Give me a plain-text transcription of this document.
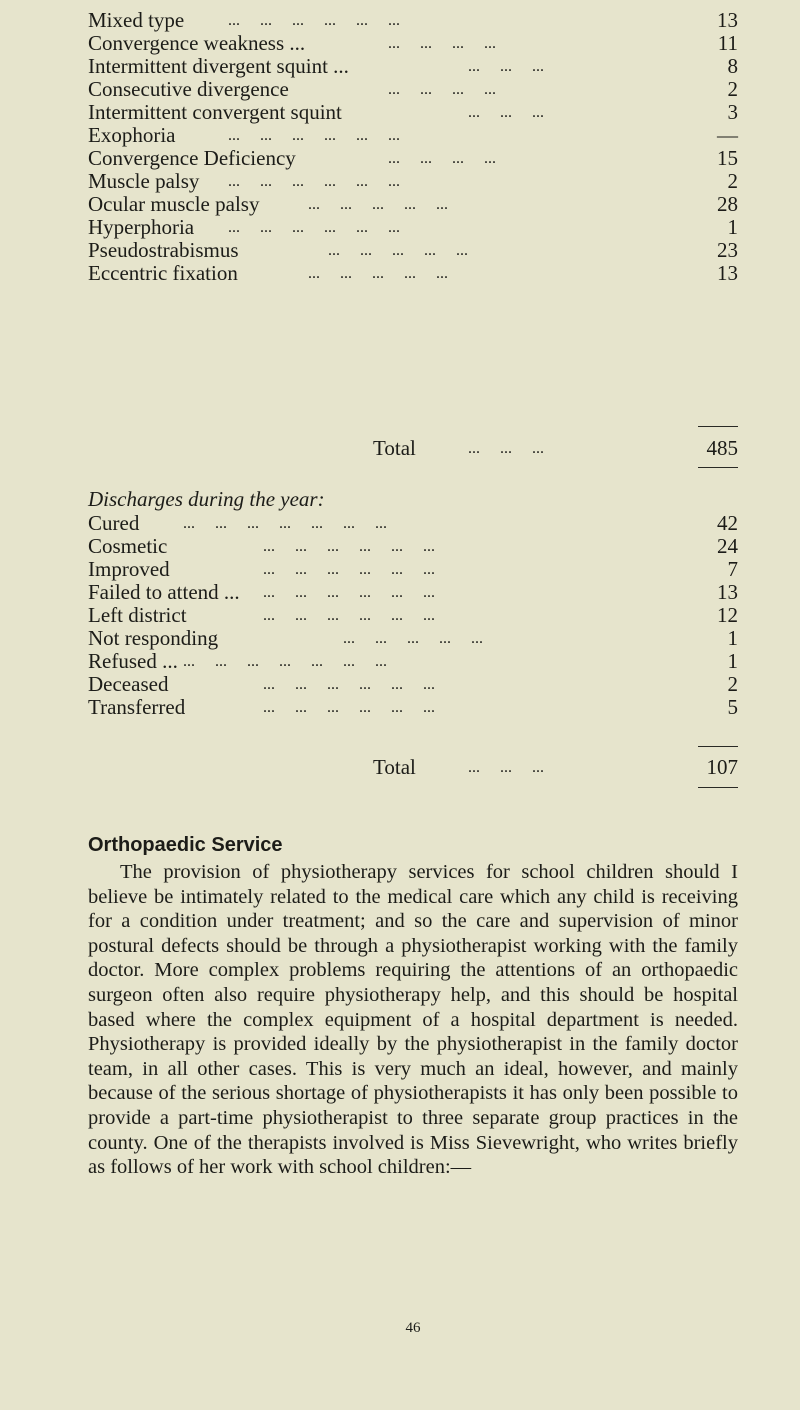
Mixed type	...     ...     ...     ...     ...     ...	13
Convergence weakness ...	...     ...     ...     ...	11
Intermittent divergent squint ...	...     ...     ...	8
Consecutive divergence	...     ...     ...     ...	2
Intermittent convergent squint	...     ...     ...	3
Exophoria	...     ...     ...     ...     ...     ...	—
Convergence Deficiency	...     ...     ...     ...	15
Muscle palsy ...     ...     ...     ...     ...     ...	2
Ocular muscle palsy	...     ...     ...     ...     ...	28
Hyperphoria ...     ...     ...     ...     ...     ...	1
Pseudostrabismus	...     ...     ...     ...     ...	23
Eccentric fixation	...     ...     ...     ...     ...	13
Total	...     ...     ...	485
Discharges during the year:
Cured	...     ...     ...     ...     ...     ...     ...	42
Cosmetic	...     ...     ...     ...     ...     ...	24
Improved	...     ...     ...     ...     ...     ...	7
Failed to attend ... ...     ...     ...     ...     ...     ...	13
Left district	...     ...     ...     ...     ...     ...	12
Not responding	...     ...     ...     ...     ...	1
Refused ... ...     ...     ...     ...     ...     ...     ...	1
Deceased	...     ...     ...     ...     ...     ...	2
Transferred	...     ...     ...     ...     ...     ...	5
Total	...     ...     ...	107
Orthopaedic Service
The provision of physiotherapy services for school children should I believe be intimately related to the medical care which any child is receiving for a condition under treatment; and so the care and supervision of minor postural defects should be through a physiotherapist working with the family doctor. More complex problems requiring the attentions of an orthopaedic surgeon often also require physiotherapy help, and this should be hospital based where the complex equipment of a hospital department is needed. Physiotherapy is provided ideally by the physiotherapist in the family doctor team, in all other cases. This is very much an ideal, however, and mainly because of the serious shortage of physiotherapists it has only been possible to provide a part-time physiotherapist to three separate group practices in the county. One of the therapists involved is Miss Sievewright, who writes briefly as follows of her work with school children:—
46
